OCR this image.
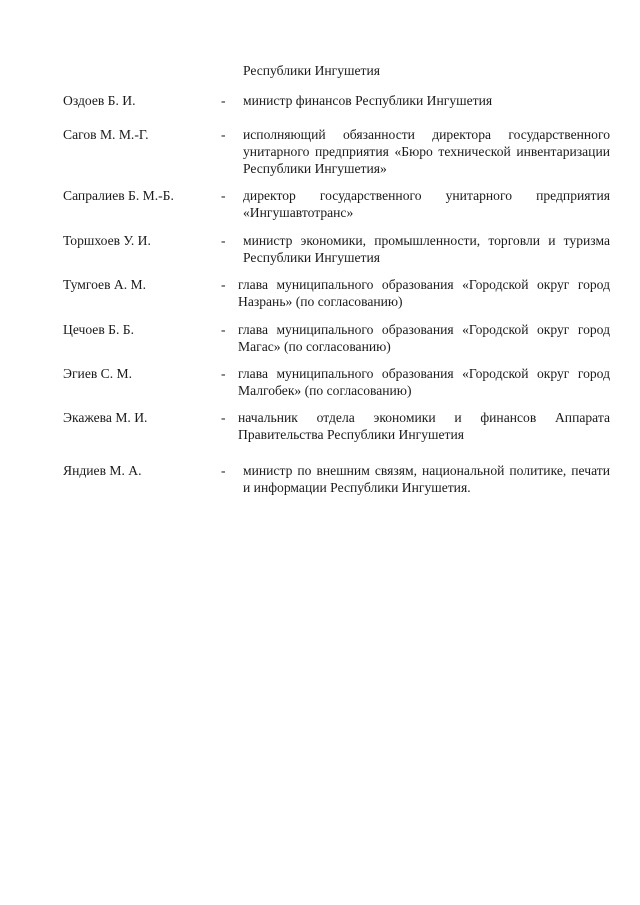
Республики Ингушетия
Оздоев Б. И.	- министр финансов Республики Ингушетия
Сагов М. М.-Г.	- исполняющий обязанности директора государственного унитарного предприятия «Бюро технической инвентаризации Республики Ингушетия»
Сапралиев Б. М.-Б.	- директор государственного унитарного предприятия «Ингушавтотранс»
Торшхоев У. И.	- министр экономики, промышленности, торговли и туризма Республики Ингушетия
Тумгоев А. М.	- глава муниципального образования «Городской округ город Назрань» (по согласованию)
Цечоев Б. Б.	- глава муниципального образования «Городской округ город Магас» (по согласованию)
Эгиев С. М.	- глава муниципального образования «Городской округ город Малгобек» (по согласованию)
Экажева М. И.	- начальник отдела экономики и финансов Аппарата Правительства Республики Ингушетия
Яндиев М. А.	- министр по внешним связям, национальной политике, печати и информации Республики Ингушетия.
